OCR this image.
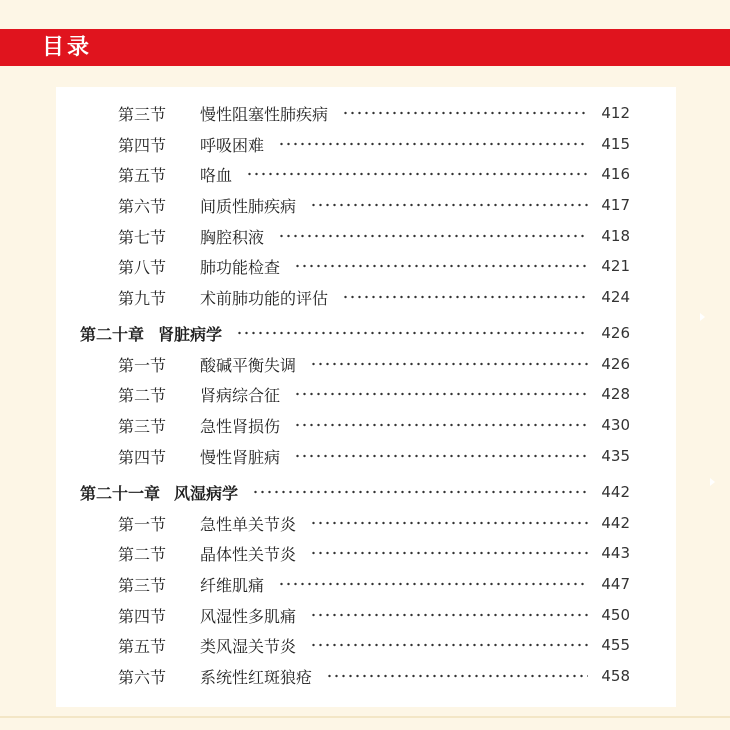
目录
第三节	慢性阻塞性肺疾病	412
第四节	呼吸困难	415
第五节	咯血	416
第六节	间质性肺疾病	417
第七节	胸腔积液	418
第八节	肺功能检查	421
第九节	术前肺功能的评估	424
第二十章 肾脏病学	426
第一节	酸碱平衡失调	426
第二节	肾病综合征	428
第三节	急性肾损伤	430
第四节	慢性肾脏病	435
第二十一章 风湿病学	442
第一节	急性单关节炎	442
第二节	晶体性关节炎	443
第三节	纤维肌痛	447
第四节	风湿性多肌痛	450
第五节	类风湿关节炎	455
第六节	系统性红斑狼疮	458
